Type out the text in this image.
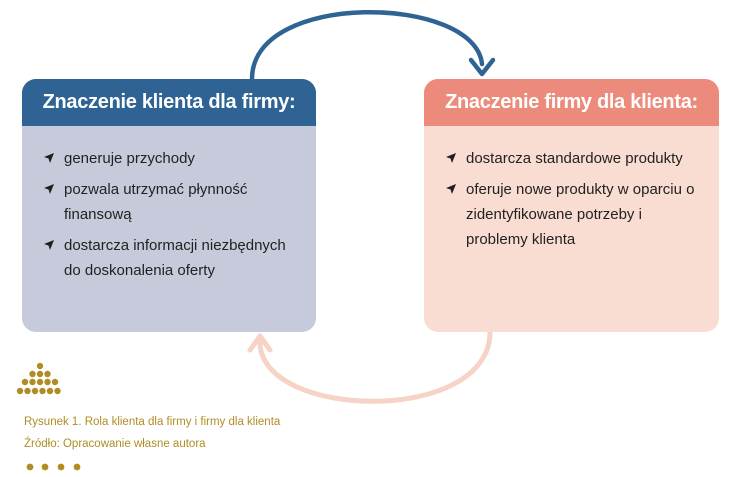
Znaczenie klienta dla firmy:
generuje przychody
pozwala utrzymać płynność finansową
dostarcza informacji niezbędnych do doskonalenia oferty
Znaczenie firmy dla klienta:
dostarcza standardowe produkty
oferuje nowe produkty w oparciu o zidentyfikowane potrzeby i problemy klienta
Rysunek 1. Rola klienta dla firmy i firmy dla klienta
Źródło: Opracowanie własne autora
